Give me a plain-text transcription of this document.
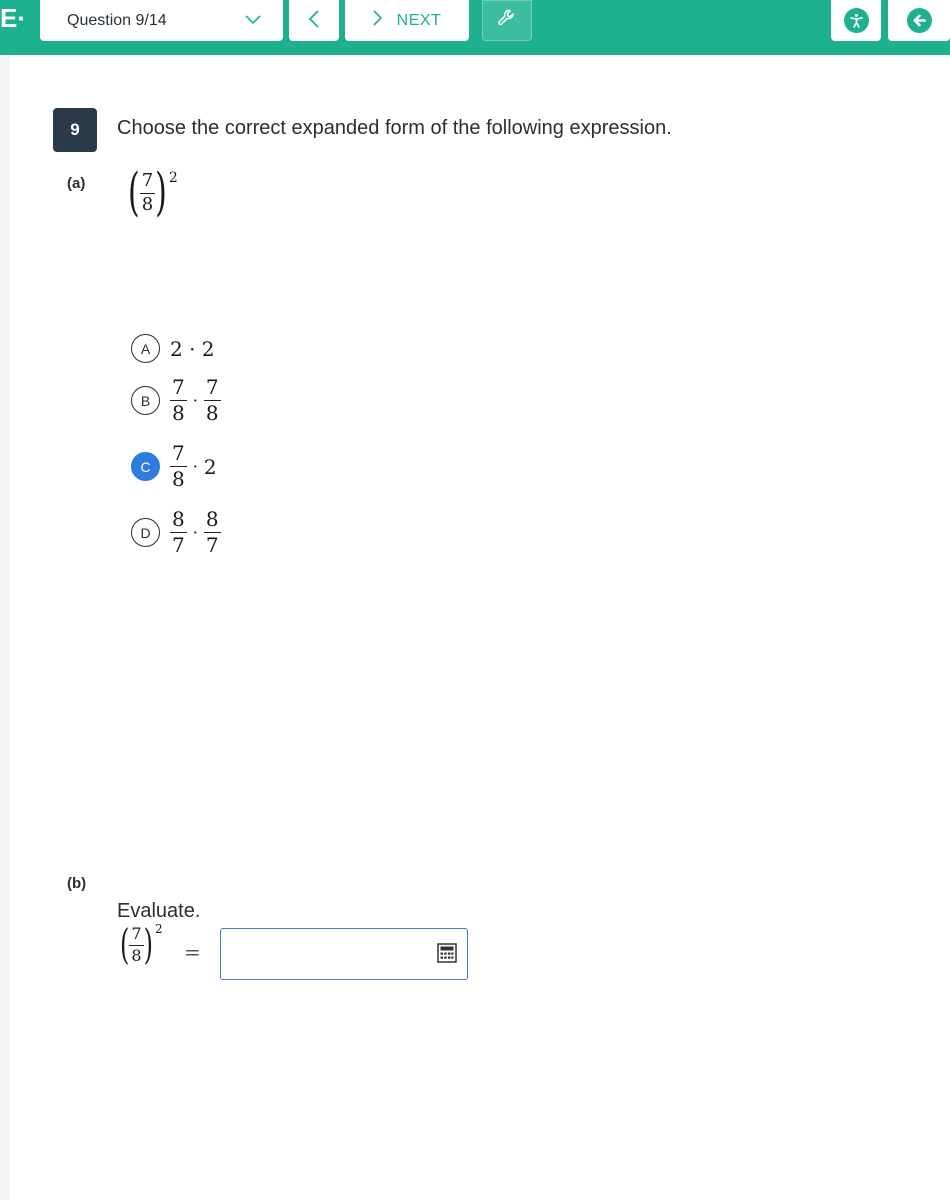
E·	Question 9/14	NEXT
9	Choose the correct expanded form of the following expression.
(a) ( $\frac{7}{8}$ ) 2
A 2 · 2
B $\frac{7}{8} \cdot \frac{7}{8}$
C $\frac{7}{8} \cdot 2$
D $\frac{8}{7} \cdot \frac{8}{7}$
(b)
Evaluate.
( $\frac{7}{8}$ ) 2
=
